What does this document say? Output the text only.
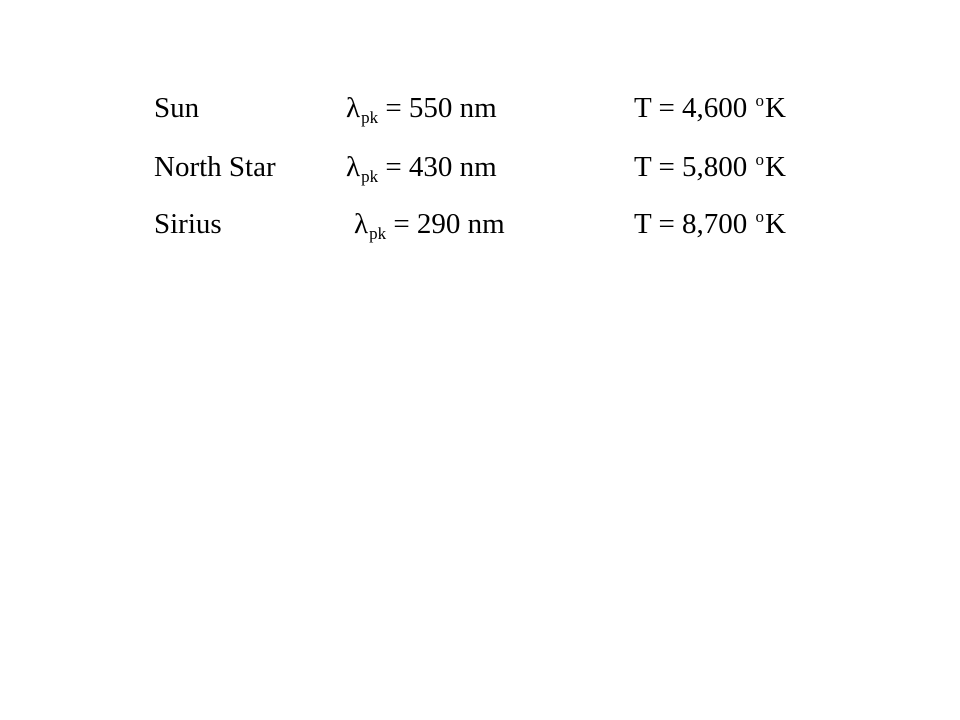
Sun	$\lambda_{pk} = 550$ nm	T = 4,600 $^o$K
North Star $\lambda_{pk} = 430$ nm	T = 5,800 $^o$K
Sirius	$\lambda_{pk} = 290$ nm	T = 8,700 $^o$K
